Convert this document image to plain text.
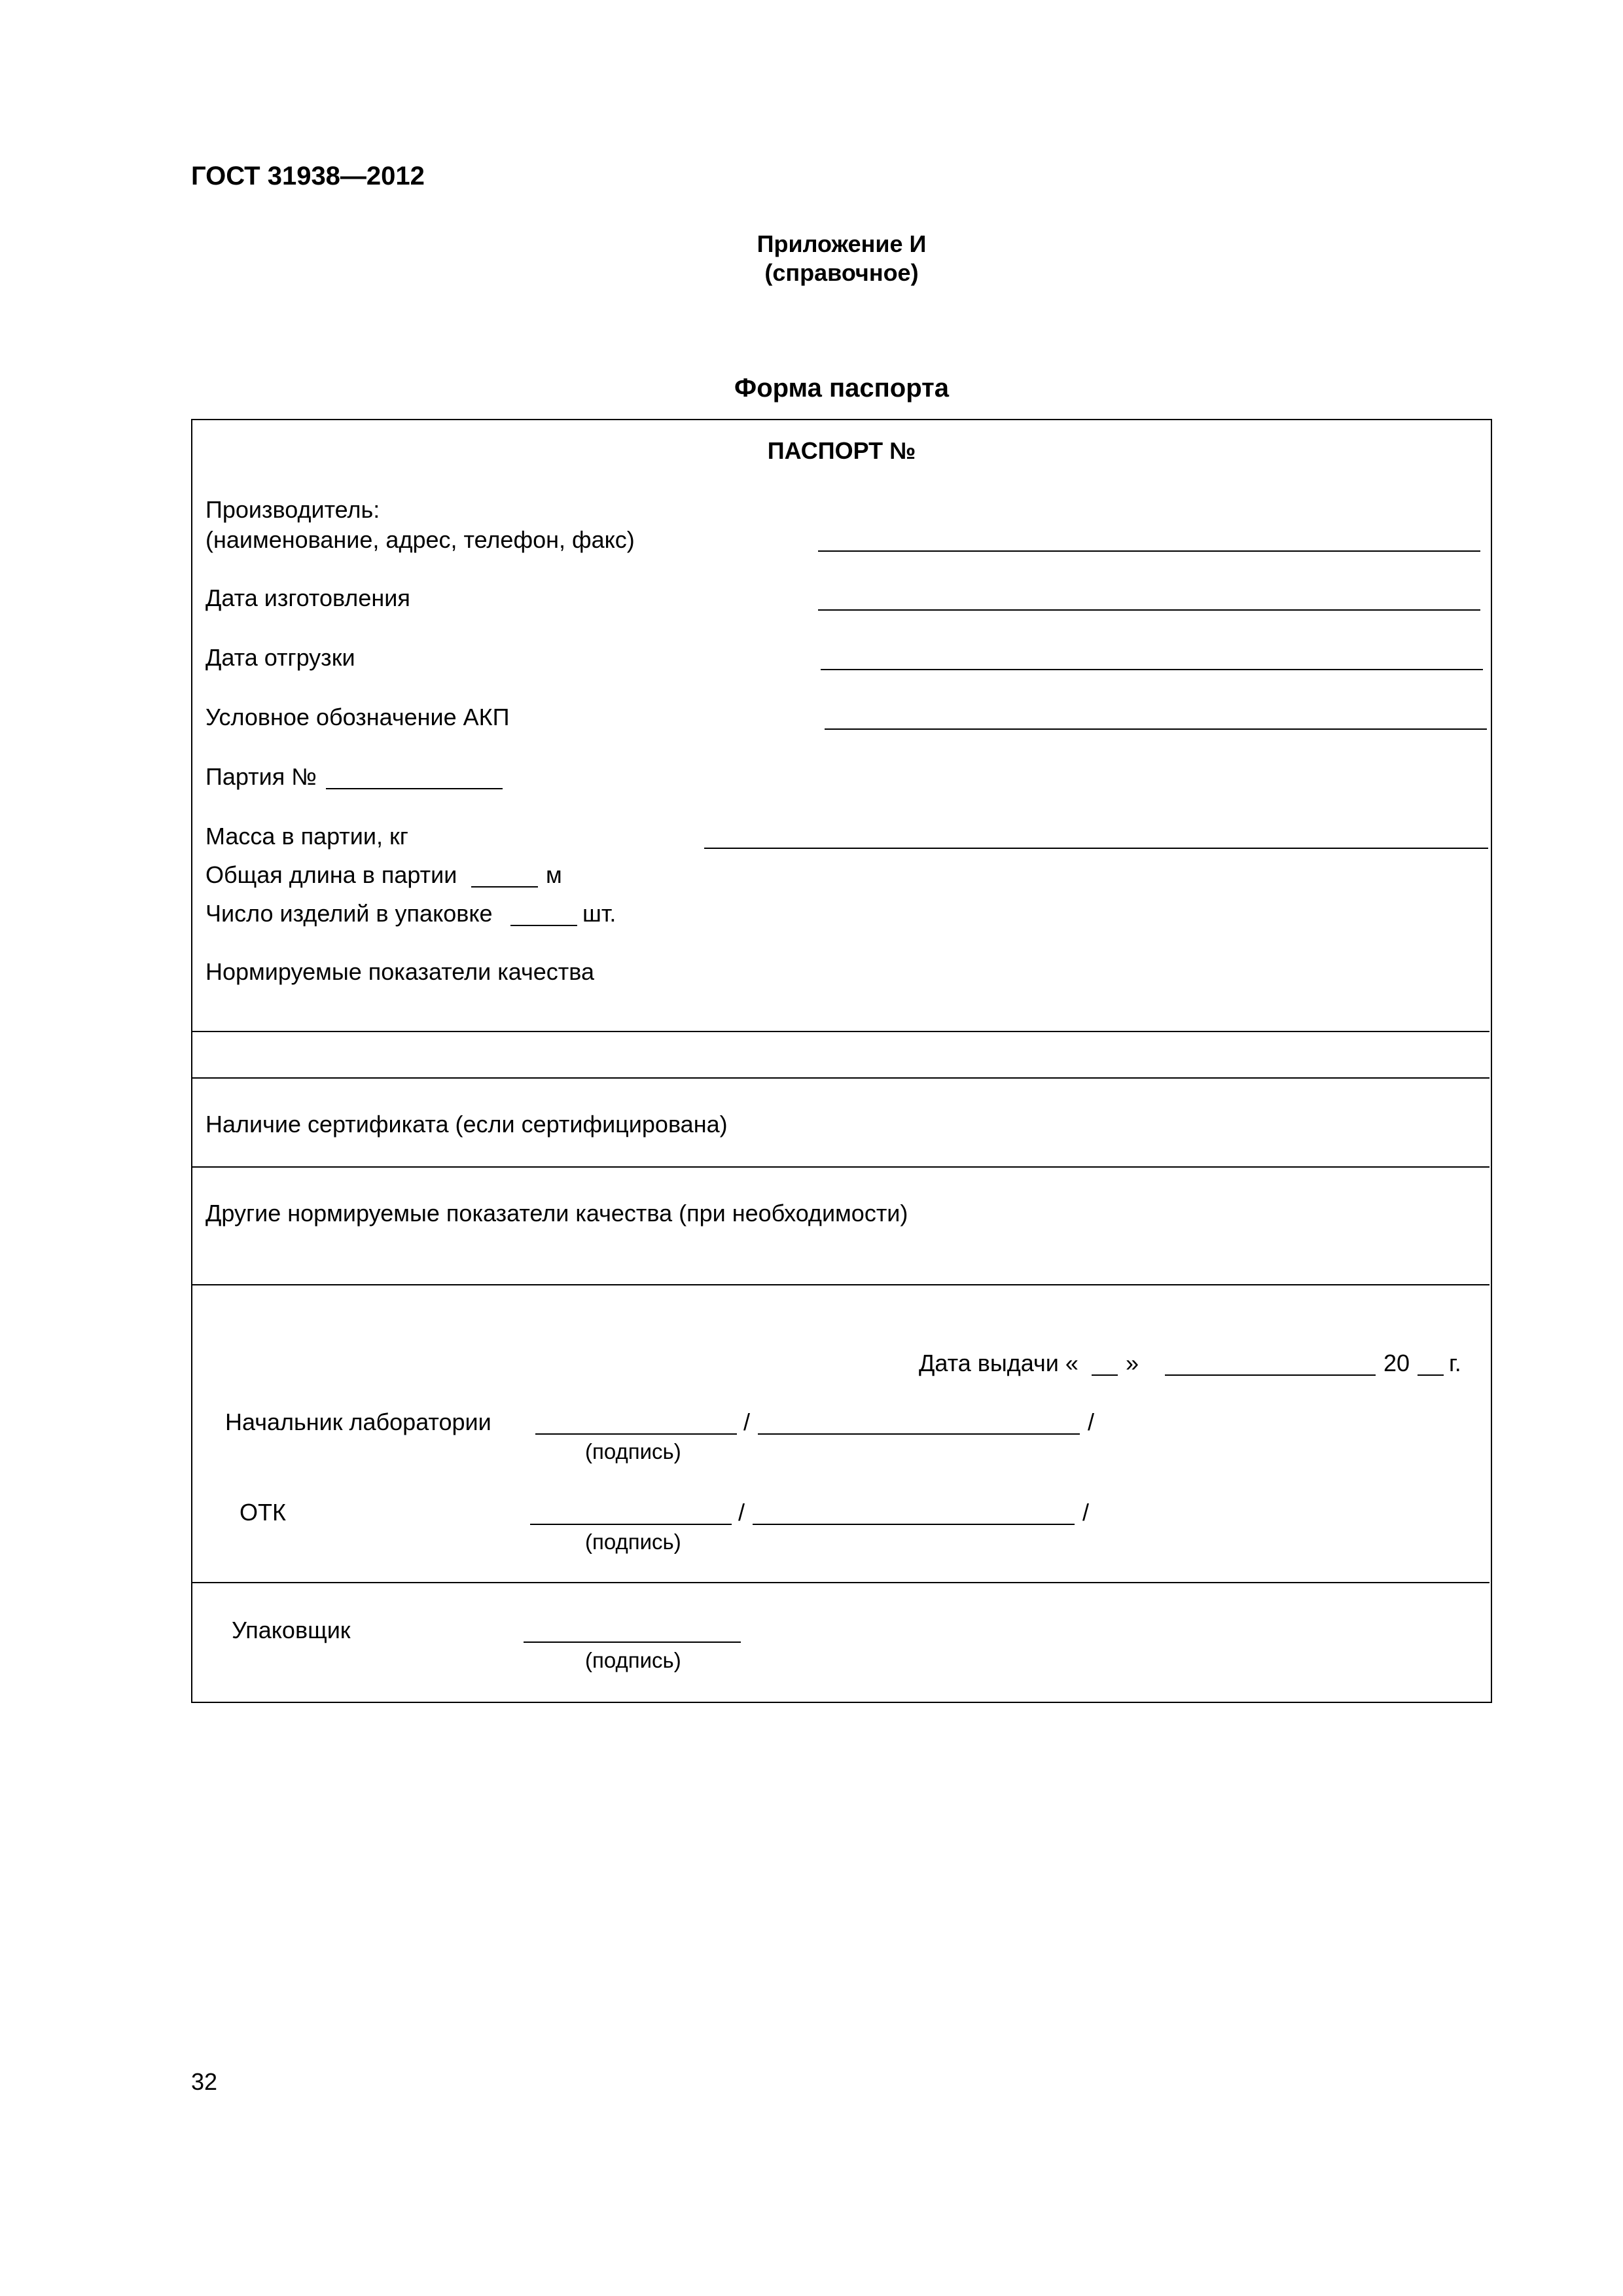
ГОСТ 31938—2012
Приложение И
(справочное)
Форма паспорта
ПАСПОРТ №
Производитель:
(наименование, адрес, телефон, факс)
Дата изготовления
Дата отгрузки
Условное обозначение АКП
Партия №
Масса в партии, кг
Общая длина в партии	м
Число изделий в упаковке	шт.
Нормируемые показатели качества
Наличие сертификата (если сертифицирована)
Другие нормируемые показатели качества (при необходимости)
Дата выдачи « »	20 г.
Начальник лаборатории	/	/
(подпись)
ОТК	/	/
(подпись)
Упаковщик
(подпись)
32
